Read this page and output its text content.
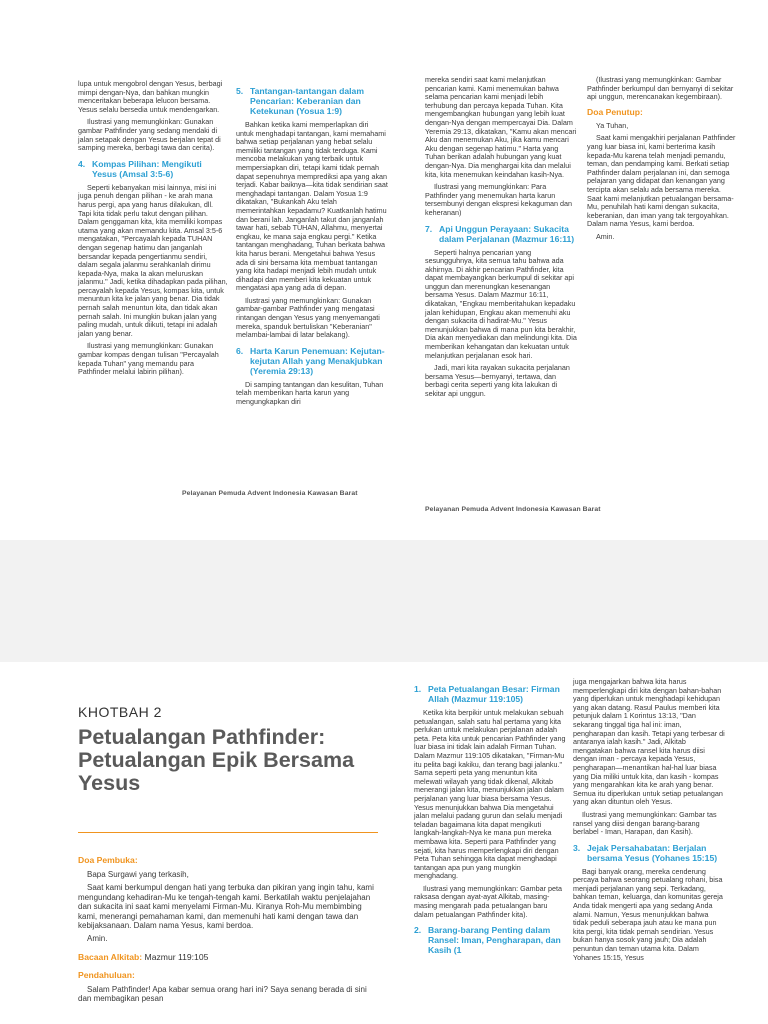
lupa untuk mengobrol dengan Yesus, berbagi mimpi dengan-Nya, dan bahkan mungkin menceritakan beberapa lelucon bersama. Yesus selalu bersedia untuk mendengarkan.

Ilustrasi yang memungkinkan: Gunakan gambar Pathfinder yang sedang mendaki di jalan setapak dengan Yesus berjalan tepat di samping mereka, berbagi tawa dan cerita).

4. Kompas Pilihan: Mengikuti Yesus (Amsal 3:5-6)

Seperti kebanyakan misi lainnya, misi ini juga penuh dengan pilihan - ke arah mana harus pergi, apa yang harus dilakukan, dll. Tapi kita tidak perlu takut dengan pilihan. Dalam genggaman kita, kita memiliki kompas utama yang akan memandu kita. Amsal 3:5-6 mengatakan, "Percayalah kepada TUHAN dengan segenap hatimu dan janganlah bersandar kepada pengertianmu sendiri, dalam segala jalanmu serahkanlah dirimu kepada-Nya, maka Ia akan meluruskan jalanmu." Jadi, ketika dihadapkan pada pilihan, percayalah kepada Yesus, kompas kita, untuk menuntun kita ke jalan yang benar. Dia tidak pernah salah menuntun kita, dan tidak akan pernah salah. Ini mungkin bukan jalan yang paling mudah, untuk diikuti, tetapi ini adalah jalan yang benar.

Ilustrasi yang memungkinkan: Gunakan gambar kompas dengan tulisan "Percayalah kepada Tuhan" yang memandu para Pathfinder melalui labirin pilihan).

5. Tantangan-tantangan dalam Pencarian: Keberanian dan Ketekunan (Yosua 1:9)

Bahkan ketika kami memperlapkan diri untuk menghadapi tantangan, kami memahami bahwa setiap perjalanan yang hebat selalu memiliki tantangan yang tidak terduga. Kami mencoba melakukan yang terbaik untuk mempersiapkan diri, tetapi kami tidak pernah dapat sepenuhnya memprediksi apa yang akan terjadi. Kabar baiknya—kita tidak sendirian saat menghadapi tantangan. Dalam Yosua 1:9 dikatakan, "Bukankah Aku telah memerintahkan kepadamu? Kuatkanlah hatimu dan berani lah. Janganlah takut dan janganlah tawar hati, sebab TUHAN, Allahmu, menyertai engkau, ke mana saja engkau pergi." Ketika tantangan menghadang, Tuhan berkata bahwa kita harus berani. Mengetahui bahwa Yesus ada di sini bersama kita membuat tantangan yang kita hadapi menjadi lebih mudah untuk dihadapi dan memberi kita kekuatan untuk mengatasi apa yang ada di depan.

Ilustrasi yang memungkinkan: Gunakan gambar-gambar Pathfinder yang mengatasi rintangan dengan Yesus yang menyemangati mereka, spanduk bertuliskan "Keberanian" melambai-lambai di latar belakang).

6. Harta Karun Penemuan: Kejutan-kejutan Allah yang Menakjubkan (Yeremia 29:13)

Di samping tantangan dan kesulitan, Tuhan telah memberikan harta karun yang mengungkapkan diri

mereka sendiri saat kami melanjutkan pencarian kami. Kami menemukan bahwa selama pencarian kami menjadi lebih terhubung dan percaya kepada Tuhan. Kita mengembangkan hubungan yang lebih kuat dengan-Nya dengan mempercayai Dia. Dalam Yeremia 29:13, dikatakan, "Kamu akan mencari Aku dan menemukan Aku, jika kamu mencari Aku dengan segenap hatimu." Harta yang Tuhan berikan adalah hubungan yang kuat dengan-Nya. Dia menghargai kita dan melalui kita, kita menemukan keindahan kasih-Nya.

Ilustrasi yang memungkinkan: Para Pathfinder yang menemukan harta karun tersembunyi dengan ekspresi kekaguman dan keheranan)

7. Api Unggun Perayaan: Sukacita dalam Perjalanan (Mazmur 16:11)

Seperti halnya pencarian yang sesungguhnya, kita semua tahu bahwa ada akhirnya. Di akhir pencarian Pathfinder, kita dapat membayangkan berkumpul di sekitar api unggun dan merenungkan kesenangan bersama Yesus. Dalam Mazmur 16:11, dikatakan, "Engkau memberitahukan kepadaku jalan kehidupan, Engkau akan memenuhi aku dengan sukacita di hadirat-Mu." Yesus menunjukkan bahwa di mana pun kita berakhir, Dia akan menyediakan dan melindungi kita. Dia memberikan kehangatan dan kekuatan untuk melanjutkan perjalanan esok hari.

Jadi, mari kita rayakan sukacita perjalanan bersama Yesus—bernyanyi, tertawa, dan berbagi cerita seperti yang kita lakukan di sekitar api unggun.

(Ilustrasi yang memungkinkan: Gambar Pathfinder berkumpul dan bernyanyi di sekitar api unggun, merencanakan kegembiraan).

Doa Penutup:

Ya Tuhan,

Saat kami mengakhiri perjalanan Pathfinder yang luar biasa ini, kami berterima kasih kepada-Mu karena telah menjadi pemandu, teman, dan pendamping kami. Berkati setiap Pathfinder dalam perjalanan ini, dan semoga pelajaran yang didapat dan kenangan yang tercipta akan selalu ada bersama mereka. Saat kami melanjutkan petualangan bersama-Mu, penuhilah hati kami dengan sukacita, keberanian, dan iman yang tak tergoyahkan. Dalam nama Yesus, kami berdoa.

Amin.

Pelayanan Pemuda Advent Indonesia Kawasan Barat
Pelayanan Pemuda Advent Indonesia Kawasan Barat
KHOTBAH 2
Petualangan Pathfinder: Petualangan Epik Bersama Yesus
Doa Pembuka:

Bapa Surgawi yang terkasih,

Saat kami berkumpul dengan hati yang terbuka dan pikiran yang ingin tahu, kami mengundang kehadiran-Mu ke tengah-tengah kami. Berkatilah waktu penjelajahan dan sukacita ini saat kami menyelami Firman-Mu. Kiranya Roh-Mu membimbing kami, menerangi pemahaman kami, dan memenuhi hati kami dengan tawa dan kebijaksanaan. Dalam nama Yesus, kami berdoa.

Amin.

Bacaan Alkitab: Mazmur 119:105
Pendahuluan:

Salam Pathfinder! Apa kabar semua orang hari ini? Saya senang berada di sini dan membagikan pesan

1. Peta Petualangan Besar: Firman Allah (Mazmur 119:105)

Ketika kita berpikir untuk melakukan sebuah petualangan, salah satu hal pertama yang kita perlukan untuk melakukan perjalanan adalah peta. Peta kita untuk pencarian Pathfinder yang luar biasa ini tidak lain adalah Firman Tuhan. Dalam Mazmur 119:105 dikatakan, "Firman-Mu itu pelita bagi kakiku, dan terang bagi jalanku." Sama seperti peta yang menuntun kita melewati wilayah yang tidak dikenal, Alkitab menerangi jalan kita, menunjukkan jalan dalam perjalanan yang luar biasa bersama Yesus. Yesus menunjukkan bahwa Dia mengetahui jalan melalui padang gurun dan selalu menjadi teladan bagaimana kita dapat mengikuti langkah-langkah-Nya ke mana pun mereka membawa kita. Seperti para Pathfinder yang sejati, kita harus memperlengkapi diri dengan Peta Tuhan sehingga kita dapat menghadapi tantangan apa pun yang mungkin menghadang.

Ilustrasi yang memungkinkan: Gambar peta raksasa dengan ayat-ayat Alkitab, masing-masing mengarah pada petualangan baru dalam petualangan Pathfinder kita).

2. Barang-barang Penting dalam Ransel: Iman, Pengharapan, dan Kasih (1

juga mengajarkan bahwa kita harus memperlengkapi diri kita dengan bahan-bahan yang diperlukan untuk menghadapi kehidupan yang akan datang. Rasul Paulus memberi kita petunjuk dalam 1 Korintus 13:13, "Dan sekarang tinggal tiga hal ini: iman, pengharapan dan kasih. Tetapi yang terbesar di antaranya ialah kasih." Jadi, Alkitab mengatakan bahwa ransel kita harus diisi dengan iman - percaya kepada Yesus, pengharapan—menantikan hal-hal luar biasa yang Dia miliki untuk kita, dan kasih - kompas yang mengarahkan kita ke arah yang benar. Semua itu diperlukan untuk setiap petualangan yang akan dituntun oleh Yesus.

Ilustrasi yang memungkinkan: Gambar tas ransel yang diisi dengan barang-barang berlabel - Iman, Harapan, dan Kasih).

3. Jejak Persahabatan: Berjalan bersama Yesus (Yohanes 15:15)

Bagi banyak orang, mereka cenderung percaya bahwa seorang petualang rohani, bisa menjadi perjalanan yang sepi. Terkadang, bahkan teman, keluarga, dan komunitas gereja Anda tidak mengerti apa yang sedang Anda alami. Namun, Yesus menunjukkan bahwa tidak peduli seberapa jauh atau ke mana pun kita pergi, kita tidak pernah sendirian. Yesus bukan hanya sosok yang jauh; Dia adalah penuntun dan teman utama kita. Dalam Yohanes 15:15, Yesus
